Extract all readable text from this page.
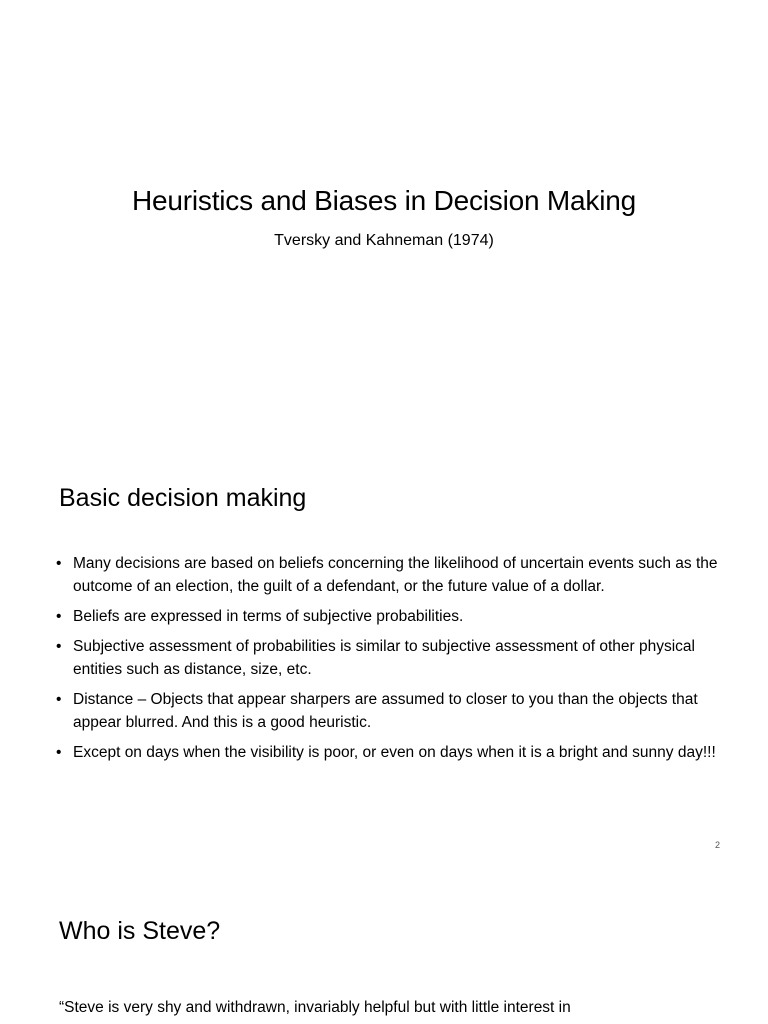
Heuristics and Biases in Decision Making
Tversky and Kahneman (1974)
Basic decision making
• Many decisions are based on beliefs concerning the likelihood of uncertain events such as the outcome of an election, the guilt of a defendant, or the future value of a dollar.
• Beliefs are expressed in terms of subjective probabilities.
• Subjective assessment of probabilities is similar to subjective assessment of other physical entities such as distance, size, etc.
• Distance – Objects that appear sharpers are assumed to closer to you than the objects that appear blurred. And this is a good heuristic.
• Except on days when the visibility is poor, or even on days when it is a bright and sunny day!!!
2
Who is Steve?
“Steve is very shy and withdrawn, invariably helpful but with little interest in
